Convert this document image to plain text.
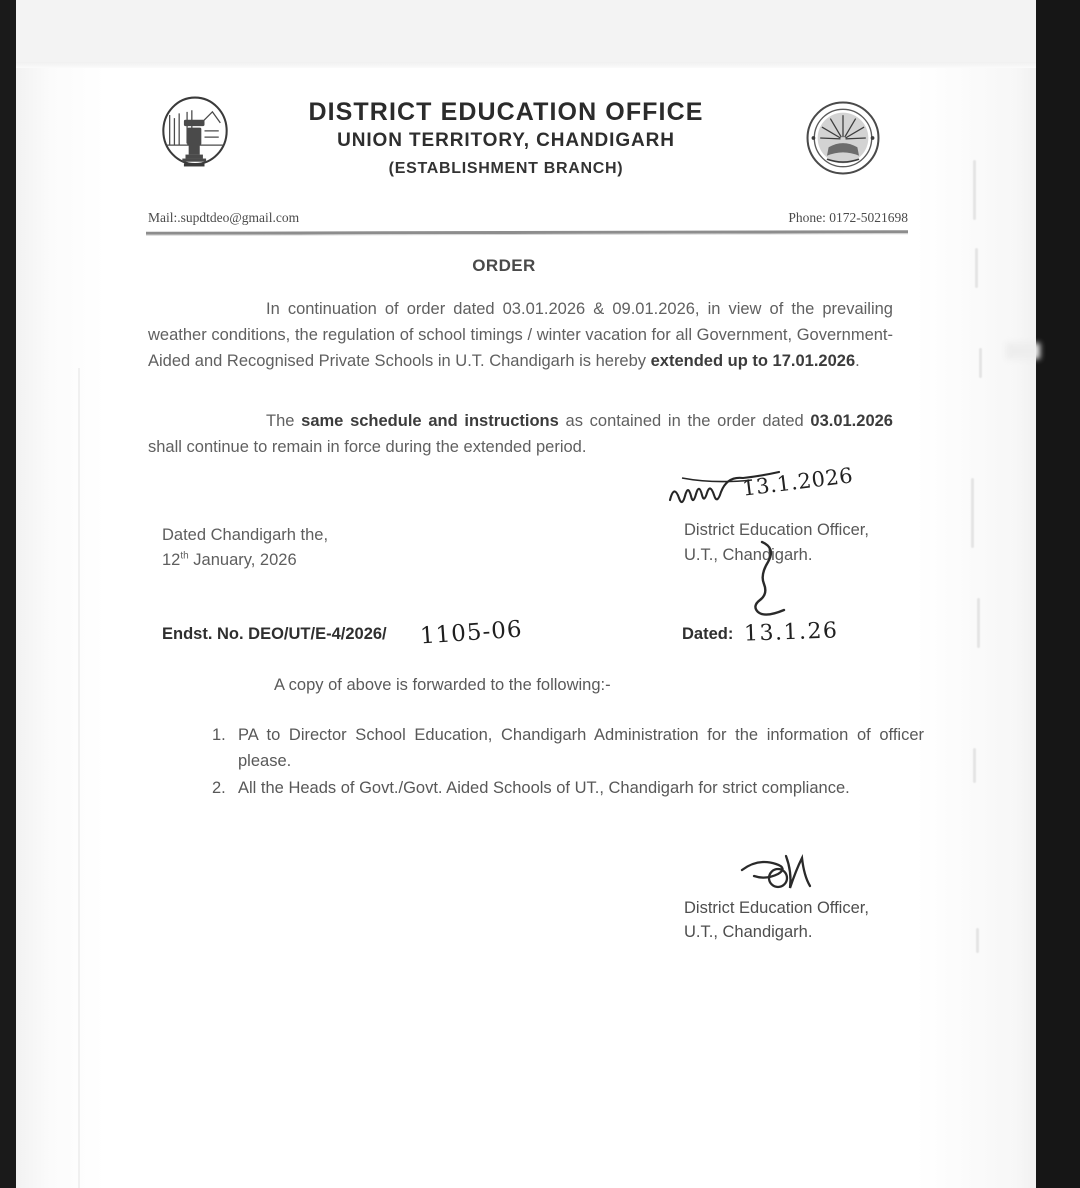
DISTRICT EDUCATION OFFICE
UNION TERRITORY, CHANDIGARH
(ESTABLISHMENT BRANCH)
Mail:.supdtdeo@gmail.com	Phone: 0172-5021698
ORDER
In continuation of order dated 03.01.2026 & 09.01.2026, in view of the prevailing weather conditions, the regulation of school timings / winter vacation for all Government, Government-Aided and Recognised Private Schools in U.T. Chandigarh is hereby extended up to 17.01.2026.
The same schedule and instructions as contained in the order dated 03.01.2026 shall continue to remain in force during the extended period.
13.1.2026
District Education Officer,
U.T., Chandigarh.
Dated Chandigarh the,
12th January, 2026
Endst. No. DEO/UT/E-4/2026/	Dated:
1105-06	13.1.26
A copy of above is forwarded to the following:-
1. PA to Director School Education, Chandigarh Administration for the information of officer please.
2. All the Heads of Govt./Govt. Aided Schools of UT., Chandigarh for strict compliance.
District Education Officer,
U.T., Chandigarh.
